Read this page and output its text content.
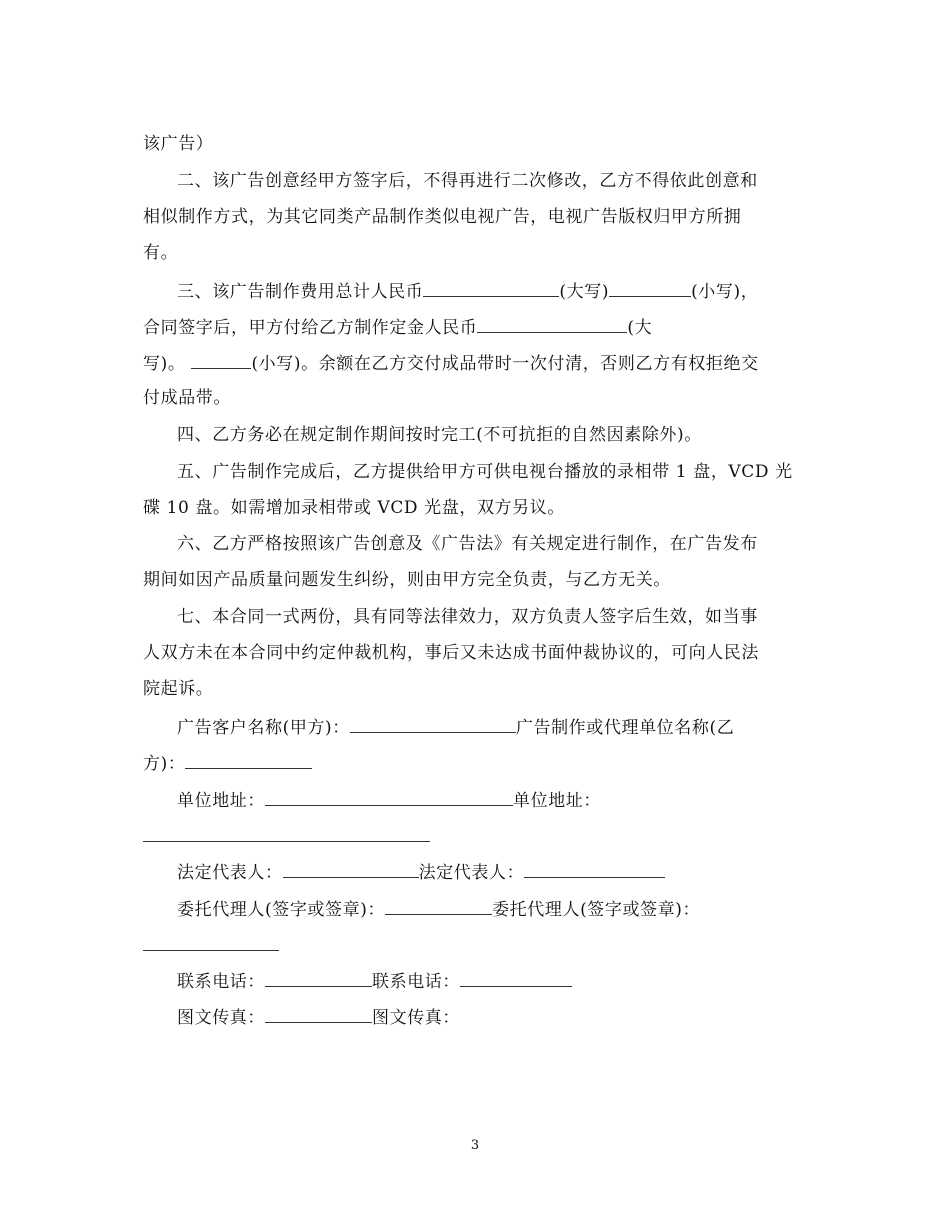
该广告）
二、该广告创意经甲方签字后，不得再进行二次修改，乙方不得依此创意和
相似制作方式，为其它同类产品制作类似电视广告，电视广告版权归甲方所拥
有。
三、该广告制作费用总计人民币	(大写)	(小写)，
合同签字后，甲方付给乙方制作定金人民币	(大
写)。	(小写)。余额在乙方交付成品带时一次付清，否则乙方有权拒绝交
付成品带。
四、乙方务必在规定制作期间按时完工(不可抗拒的自然因素除外)。
五、广告制作完成后，乙方提供给甲方可供电视台播放的录相带 1 盘，VCD 光
碟 10 盘。如需增加录相带或 VCD 光盘，双方另议。
六、乙方严格按照该广告创意及《广告法》有关规定进行制作，在广告发布
期间如因产品质量问题发生纠纷，则由甲方完全负责，与乙方无关。
七、本合同一式两份，具有同等法律效力，双方负责人签字后生效，如当事
人双方未在本合同中约定仲裁机构，事后又未达成书面仲裁协议的，可向人民法
院起诉。
广告客户名称(甲方)：	广告制作或代理单位名称(乙
方)：
单位地址：	单位地址：
法定代表人：	法定代表人：
委托代理人(签字或签章)：	委托代理人(签字或签章)：
联系电话：	联系电话：
图文传真：	图文传真：
3
